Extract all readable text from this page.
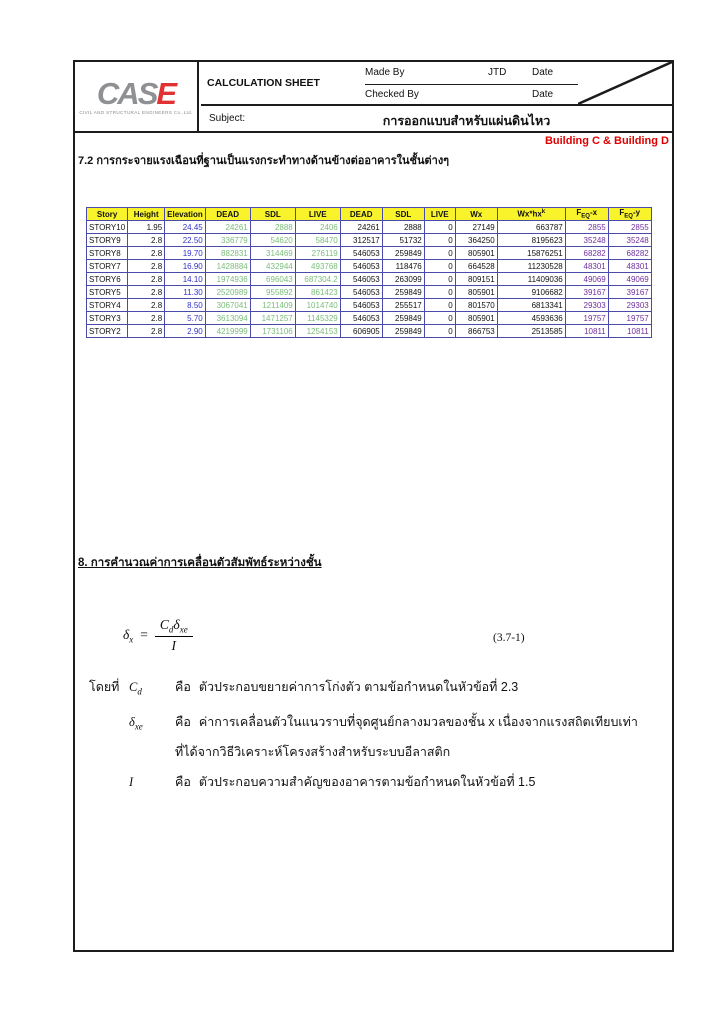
CASE
CIVIL AND STRUCTURAL ENGINEERS Co.,Ltd.
CALCULATION SHEET
Made By	JTD	Date
Checked By	Date
Subject:	การออกแบบสำหรับแผ่นดินไหว
Building C & Building D
7.2 การกระจายแรงเฉือนที่ฐานเป็นแรงกระทำทางด้านข้างต่ออาคารในชั้นต่างๆ
Story	Height	Elevation	DEAD	SDL	LIVE	DEAD	SDL	LIVE	Wx	$Wx*hx^k$	$F_{EQ}-x$	$F_{EQ}-y$
STORY10	1.95	24.45	24261	2888	2406	24261	2888	0	27149	663787	2855	2855
STORY9	2.8	22.50	336779	54620	58470	312517	51732	0	364250	8195623	35248	35248
STORY8	2.8	19.70	882831	314469	276119	546053	259849	0	805901	15876251	68282	68282
STORY7	2.8	16.90	1428884	432944	493768	546053	118476	0	664528	11230528	48301	48301
STORY6	2.8	14.10	1974936	696043	687304.2	546053	263099	0	809151	11409036	49069	49069
STORY5	2.8	11.30	2520989	955892	861423	546053	259849	0	805901	9106682	39167	39167
STORY4	2.8	8.50	3067041	1211409	1014740	546053	255517	0	801570	6813341	29303	29303
STORY3	2.8	5.70	3613094	1471257	1145329	546053	259849	0	805901	4593636	19757	19757
STORY2	2.8	2.90	4219999	1731106	1254153	606905	259849	0	866753	2513585	10811	10811
8. การคำนวณค่าการเคลื่อนตัวสัมพัทธ์ระหว่างชั้น
$\delta_x = \frac{C_d\delta_{xe}}{I}$	(3.7-1)
โดยที่ $C_d$	คือ ตัวประกอบขยายค่าการโก่งตัว ตามข้อกำหนดในหัวข้อที่ 2.3
$\delta_{xe}$	คือ ค่าการเคลื่อนตัวในแนวราบที่จุดศูนย์กลางมวลของชั้น x เนื่องจากแรงสถิตเทียบเท่า
ที่ได้จากวิธีวิเคราะห์โครงสร้างสำหรับระบบอีลาสติก
I	คือ ตัวประกอบความสำคัญของอาคารตามข้อกำหนดในหัวข้อที่ 1.5
